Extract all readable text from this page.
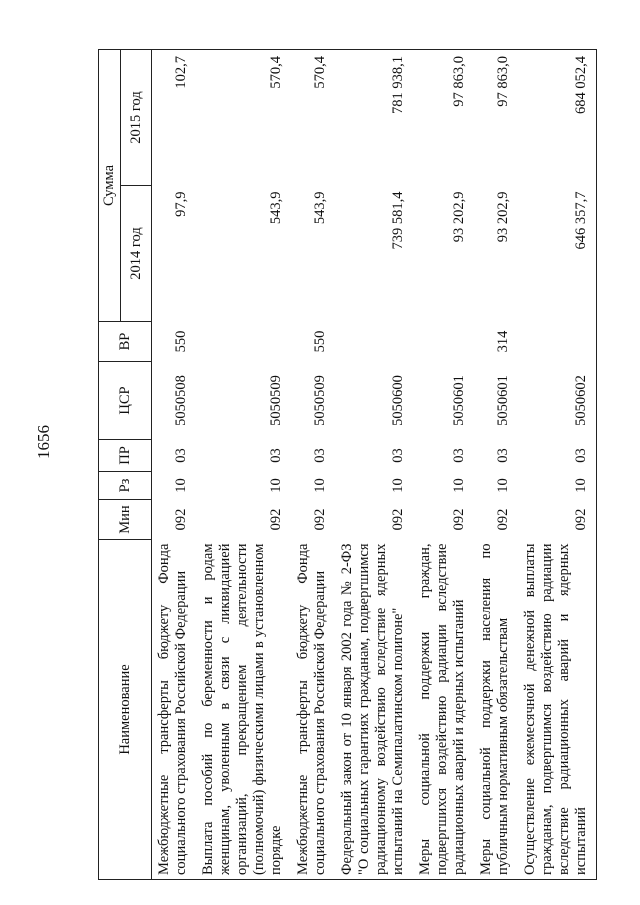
1656
Наименование	Мин	Рз	ПР	ЦСР	ВР	Сумма	
						2014 год	2015 год
Межбюджетные трансферты бюджету Фонда социального страхования Российской Федерации	092	10	03	5050508	550	97,9	102,7
Выплата пособий по беременности и родам женщинам, уволенным в связи с ликвидацией организаций, прекращением деятельности (полномочий) физическими лицами в установленном порядке	092	10	03	5050509		543,9	570,4
Межбюджетные трансферты бюджету Фонда социального страхования Российской Федерации	092	10	03	5050509	550	543,9	570,4
Федеральный закон от 10 января 2002 года № 2-ФЗ "О социальных гарантиях гражданам, подвергшимся радиационному воздействию вследствие ядерных испытаний на Семипалатинском полигоне"	092	10	03	5050600		739 581,4	781 938,1
Меры социальной поддержки граждан, подвергшихся воздействию радиации вследствие радиационных аварий и ядерных испытаний	092	10	03	5050601		93 202,9	97 863,0
Меры социальной поддержки населения по публичным нормативным обязательствам	092	10	03	5050601	314	93 202,9	97 863,0
Осуществление ежемесячной денежной выплаты гражданам, подвергшимся воздействию радиации вследствие радиационных аварий и ядерных испытаний	092	10	03	5050602		646 357,7	684 052,4
